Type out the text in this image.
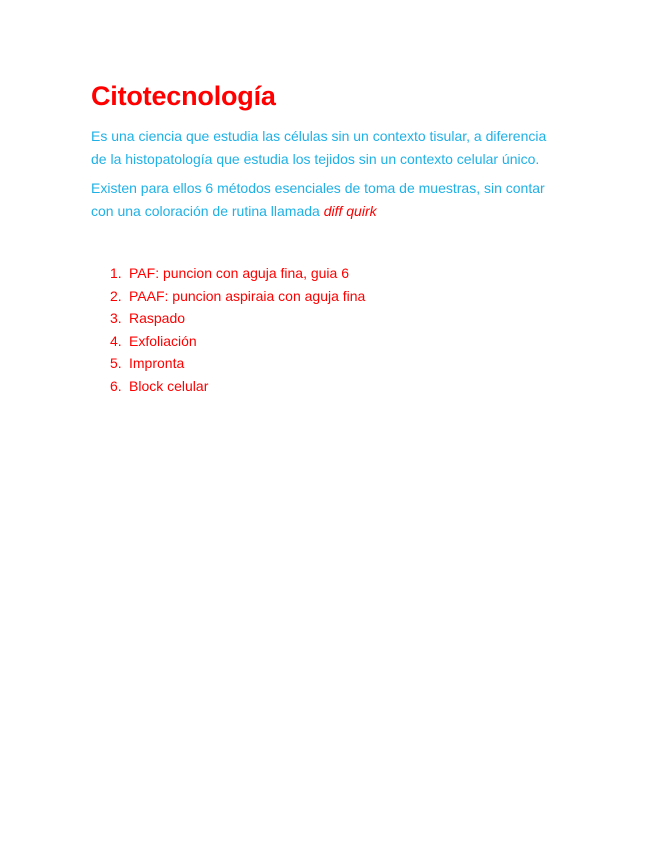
Citotecnología

Es una ciencia que estudia las células sin un contexto tisular, a diferencia de la histopatología que estudia los tejidos sin un contexto celular único.

Existen para ellos 6 métodos esenciales de toma de muestras, sin contar con una coloración de rutina llamada diff quirk

1. PAF: puncion con aguja fina, guia 6
2. PAAF: puncion aspiraia con aguja fina
3. Raspado
4. Exfoliación
5. Impronta
6. Block celular
